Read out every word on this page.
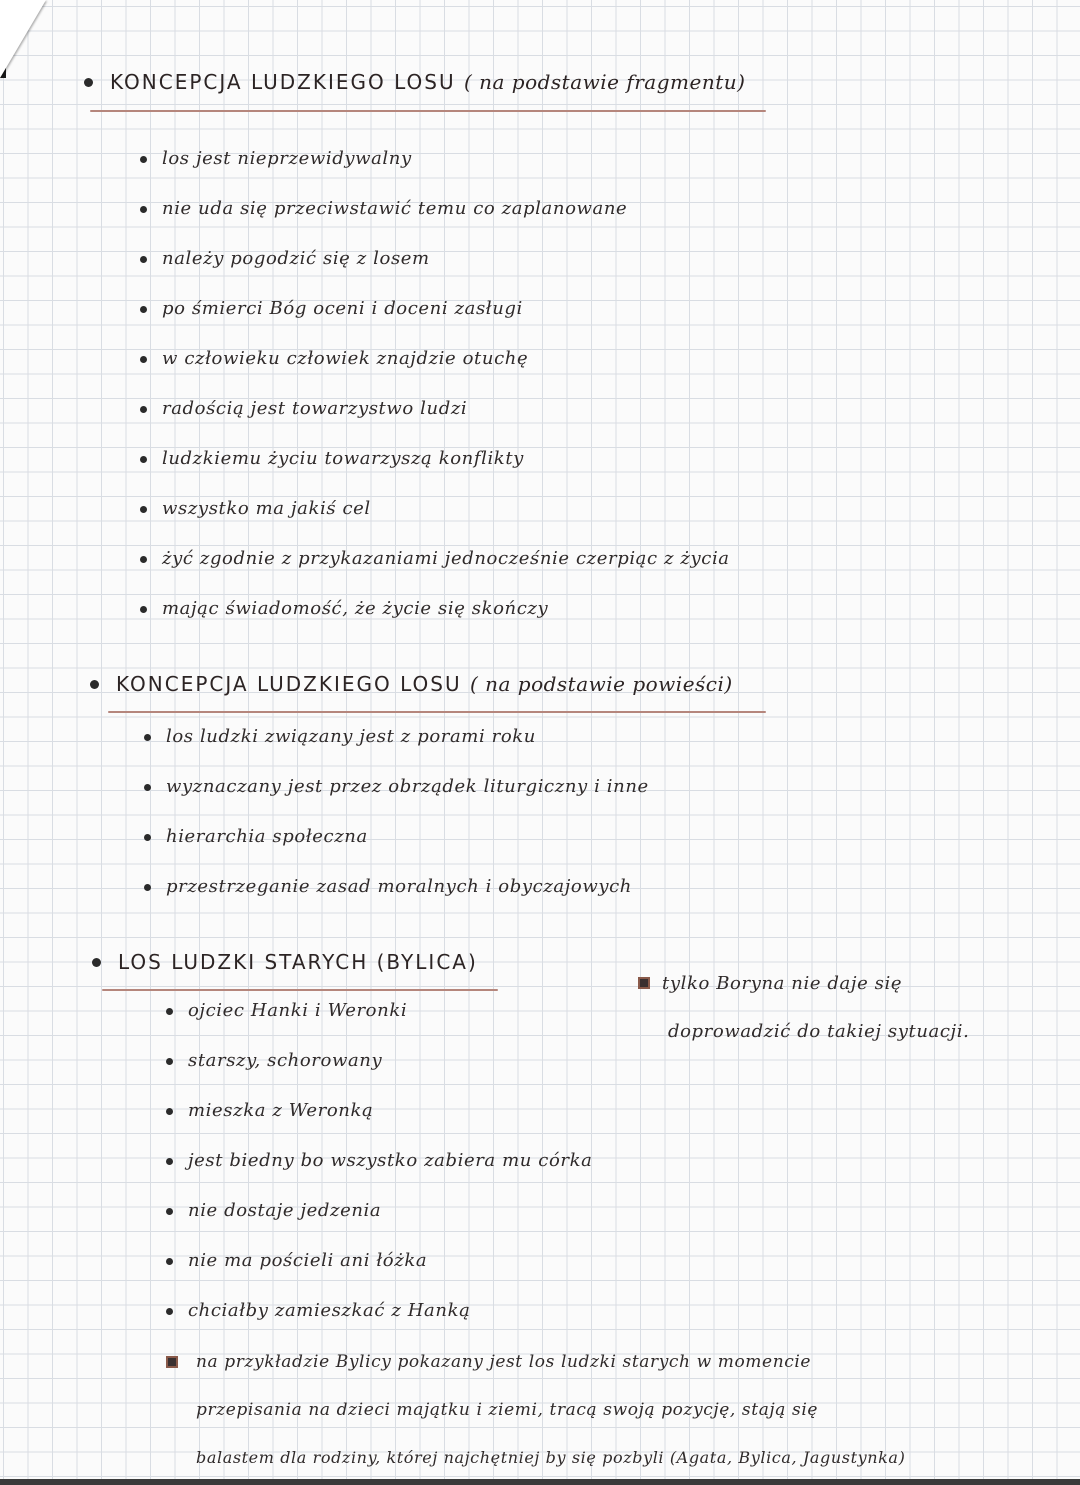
KONCEPCJA LUDZKIEGO LOSU ( na podstawie fragmentu)
los jest nieprzewidywalny
nie uda się przeciwstawić temu co zaplanowane
należy pogodzić się z losem
po śmierci Bóg oceni i doceni zasługi
w człowieku człowiek znajdzie otuchę
radością jest towarzystwo ludzi
ludzkiemu życiu towarzyszą konflikty
wszystko ma jakiś cel
żyć zgodnie z przykazaniami jednocześnie czerpiąc z życia
mając świadomość, że życie się skończy
KONCEPCJA LUDZKIEGO LOSU ( na podstawie powieści)
los ludzki związany jest z porami roku
wyznaczany jest przez obrządek liturgiczny i inne
hierarchia społeczna
przestrzeganie zasad moralnych i obyczajowych
LOS LUDZKI STARYCH (BYLICA)
ojciec Hanki i Weronki
starszy, schorowany
mieszka z Weronką
jest biedny bo wszystko zabiera mu córka
nie dostaje jedzenia
nie ma pościeli ani łóżka
chciałby zamieszkać z Hanką
tylko Boryna nie daje się
doprowadzić do takiej sytuacji.
na przykładzie Bylicy pokazany jest los ludzki starych w momencie
przepisania na dzieci majątku i ziemi, tracą swoją pozycję, stają się
balastem dla rodziny, której najchętniej by się pozbyli (Agata, Bylica, Jagustynka)
